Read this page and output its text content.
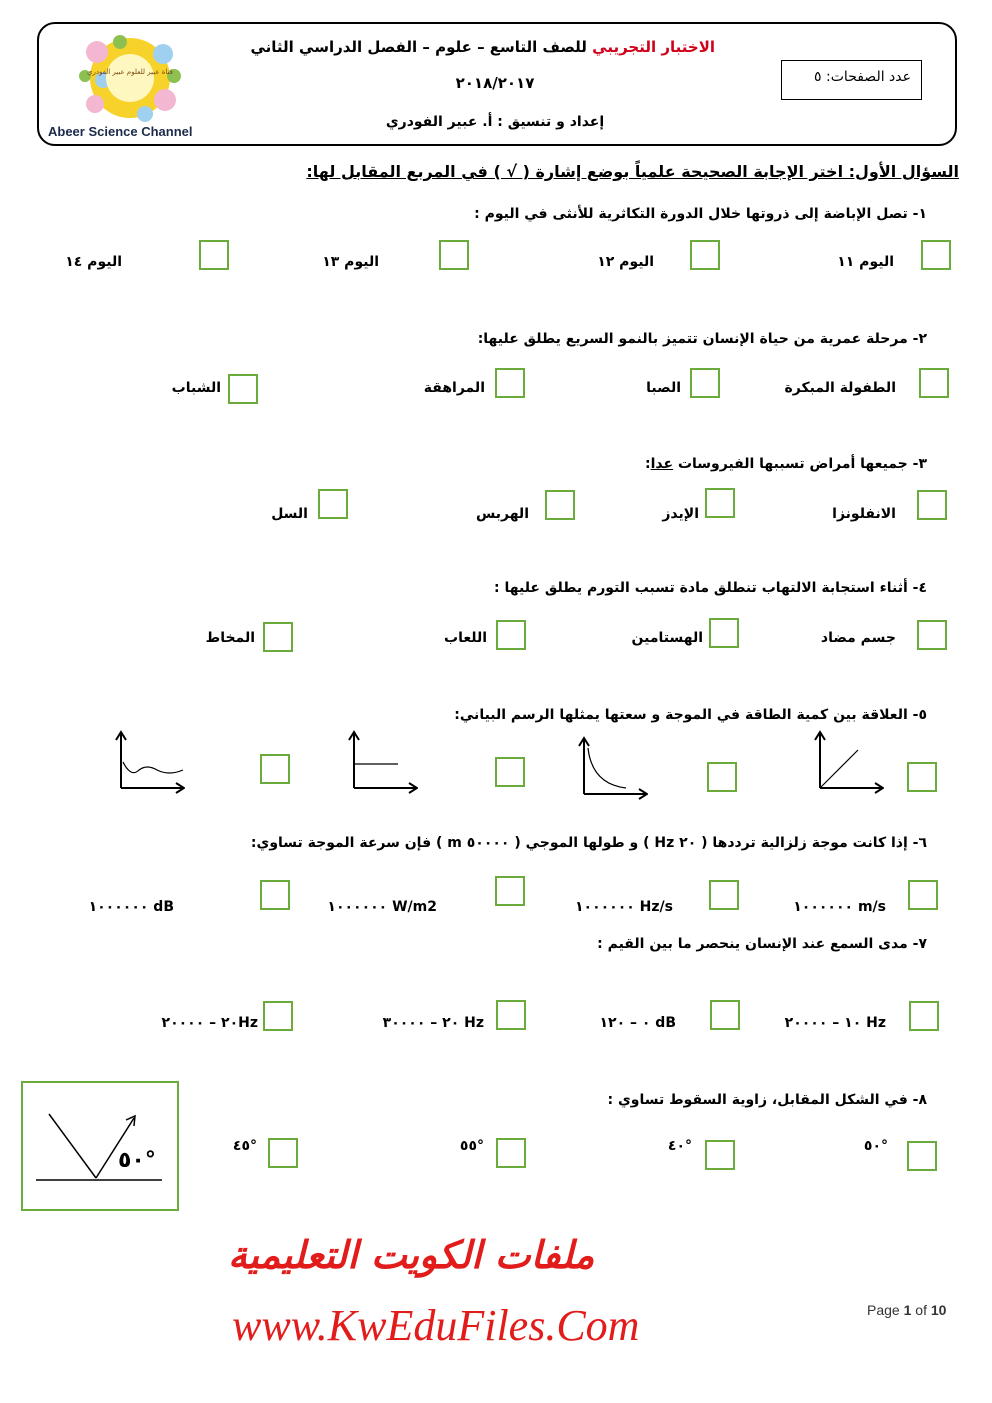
قناة عبير للعلوم عبير الفودري
Abeer Science Channel
الاختبار التجريبي للصف التاسع – علوم – الفصل الدراسي الثاني
٢٠١٨/٢٠١٧
إعداد و تنسيق : أ. عبير الفودري
عدد الصفحات: ٥
السؤال الأول: اختر الإجابة الصحيحة علمياً بوضع إشارة ( √ ) في المربع المقابل لها:
١- تصل الإباضة إلى ذروتها خلال الدورة التكاثرية للأنثى في اليوم :
اليوم ١١
اليوم ١٢
اليوم ١٣
اليوم ١٤
٢- مرحلة عمرية من حياة الإنسان تتميز بالنمو السريع يطلق عليها:
الطفولة المبكرة
الصبا
المراهقة
الشباب
٣- جميعها أمراض تسببها الفيروسات عدا:
الانفلونزا
الإيدز
الهربس
السل
٤- أثناء استجابة الالتهاب تنطلق مادة تسبب التورم يطلق عليها :
جسم مضاد
الهستامين
اللعاب
المخاط
٥- العلاقة بين كمية الطاقة في الموجة و سعتها يمثلها الرسم البياني:
٦- إذا كانت موجة زلزالية ترددها ( ٢٠ Hz ) و طولها الموجي ( ٥٠٠٠٠ m ) فإن سرعة الموجة تساوي:
١٠٠٠٠٠٠ m/s
١٠٠٠٠٠٠ Hz/s
١٠٠٠٠٠٠ W/m2
١٠٠٠٠٠٠ dB
٧- مدى السمع عند الإنسان ينحصر ما بين القيم :
١٠ – ٢٠٠٠٠ Hz
٠ – ١٢٠ dB
٢٠ – ٣٠٠٠٠ Hz
٢٠ – ٢٠٠٠٠Hz
٨- في الشكل المقابل، زاوية السقوط تساوي :
٥٠°
٤٠°
٥٥°
٤٥°
٥٠°
ملفات الكويت التعليمية
www.KwEduFiles.Com	Page 1 of 10
